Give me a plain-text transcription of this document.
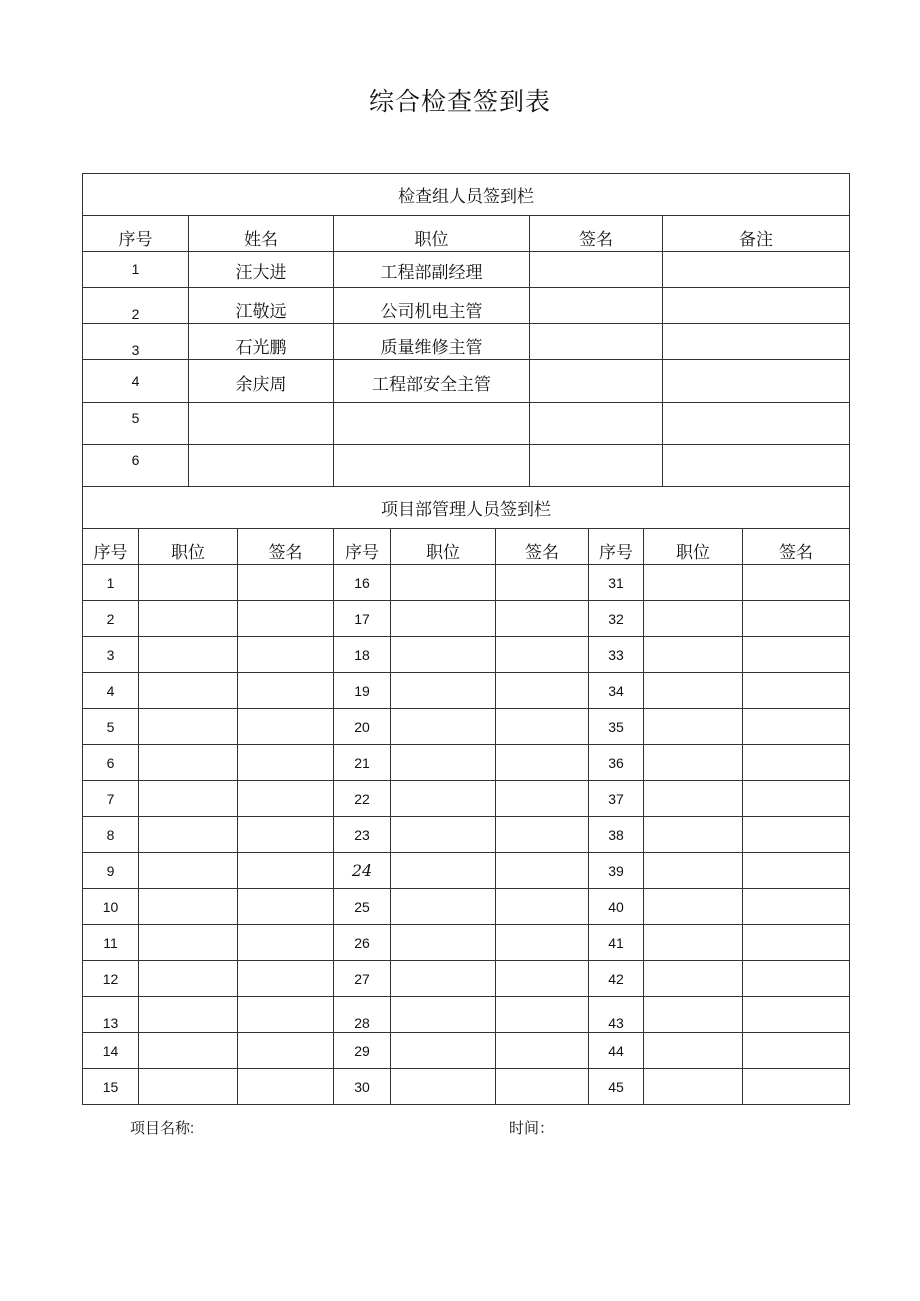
综合检查签到表
检查组人员签到栏				
序号	姓名	职位	签名	备注
1	汪大进	工程部副经理		
2	江敬远	公司机电主管		
3	石光鹏	质量维修主管		
4	余庆周	工程部安全主管		
5				
6				
项目部管理人员签到栏								
序号	职位	签名	序号	职位	签名	序号	职位	签名
1			16			31		
2			17			32		
3			18			33		
4			19			34		
5			20			35		
6			21			36		
7			22			37		
8			23			38		
9			24			39		
10			25			40		
11			26			41		
12			27			42		
13			28			43		
14			29			44		
15			30			45		
项目名称:	时间：
